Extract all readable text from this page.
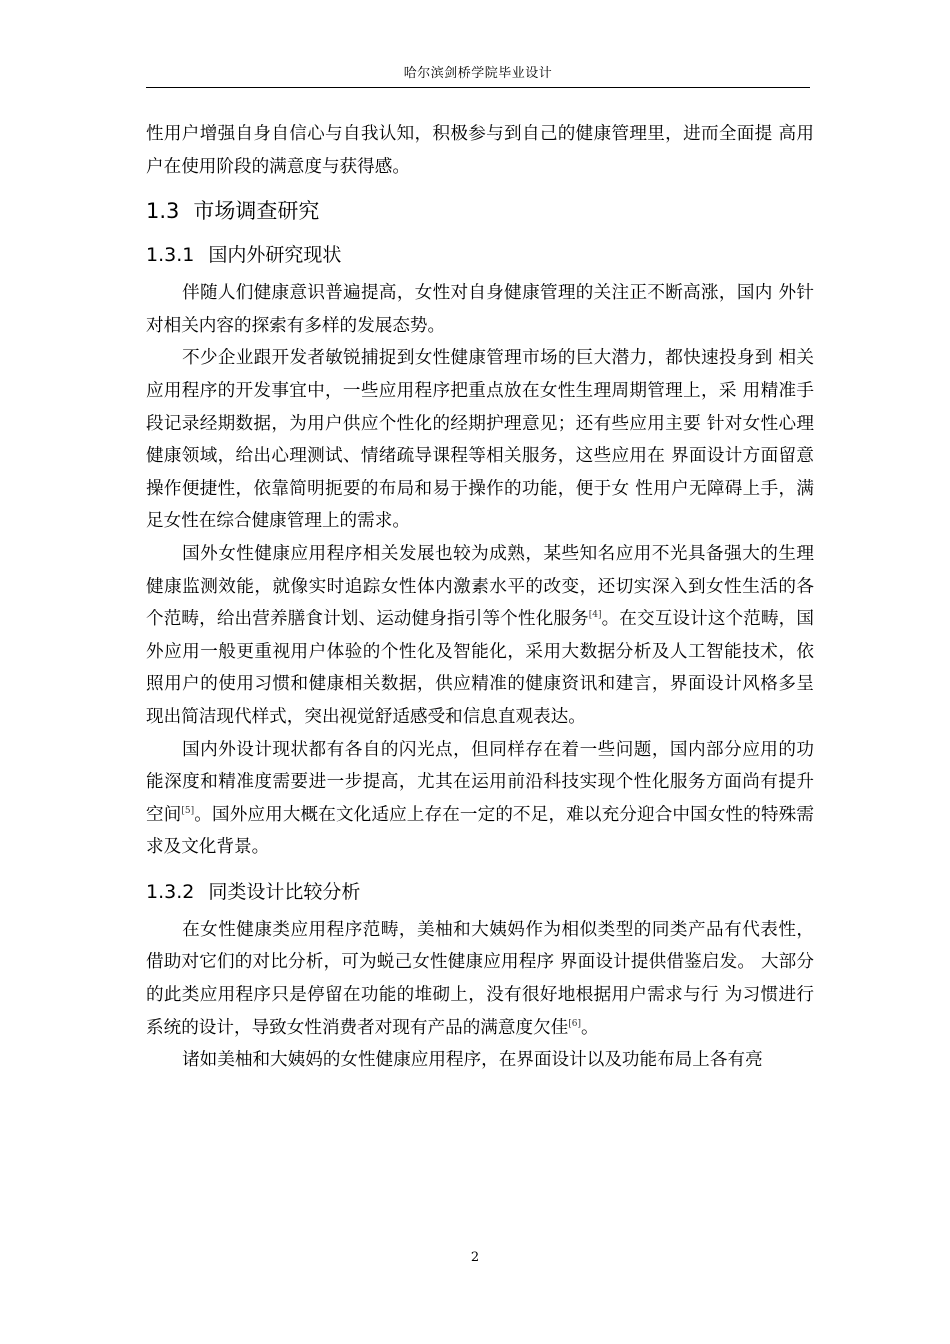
哈尔滨剑桥学院毕业设计

性用户增强自身自信心与自我认知，积极参与到自己的健康管理里，进而全面提 高用户在使用阶段的满意度与获得感。

1.3 市场调查研究
1.3.1 国内外研究现状

伴随人们健康意识普遍提高，女性对自身健康管理的关注正不断高涨，国内 外针对相关内容的探索有多样的发展态势。

不少企业跟开发者敏锐捕捉到女性健康管理市场的巨大潜力，都快速投身到 相关应用程序的开发事宜中，一些应用程序把重点放在女性生理周期管理上，采 用精准手段记录经期数据，为用户供应个性化的经期护理意见；还有些应用主要 针对女性心理健康领域，给出心理测试、情绪疏导课程等相关服务，这些应用在 界面设计方面留意操作便捷性，依靠简明扼要的布局和易于操作的功能，便于女 性用户无障碍上手，满足女性在综合健康管理上的需求。

国外女性健康应用程序相关发展也较为成熟，某些知名应用不光具备强大的生理健康监测效能，就像实时追踪女性体内激素水平的改变，还切实深入到女性生活的各个范畴，给出营养膳食计划、运动健身指引等个性化服务[4]。在交互设计这个范畴，国外应用一般更重视用户体验的个性化及智能化，采用大数据分析及人工智能技术，依照用户的使用习惯和健康相关数据，供应精准的健康资讯和建言，界面设计风格多呈现出简洁现代样式，突出视觉舒适感受和信息直观表达。

国内外设计现状都有各自的闪光点，但同样存在着一些问题，国内部分应用的功能深度和精准度需要进一步提高，尤其在运用前沿科技实现个性化服务方面尚有提升空间[5]。国外应用大概在文化适应上存在一定的不足，难以充分迎合中国女性的特殊需求及文化背景。

1.3.2 同类设计比较分析

在女性健康类应用程序范畴，美柚和大姨妈作为相似类型的同类产品有代表性，借助对它们的对比分析，可为蜕己女性健康应用程序 界面设计提供借鉴启发。 大部分的此类应用程序只是停留在功能的堆砌上，没有很好地根据用户需求与行 为习惯进行系统的设计，导致女性消费者对现有产品的满意度欠佳[6]。

诸如美柚和大姨妈的女性健康应用程序，在界面设计以及功能布局上各有亮

2
